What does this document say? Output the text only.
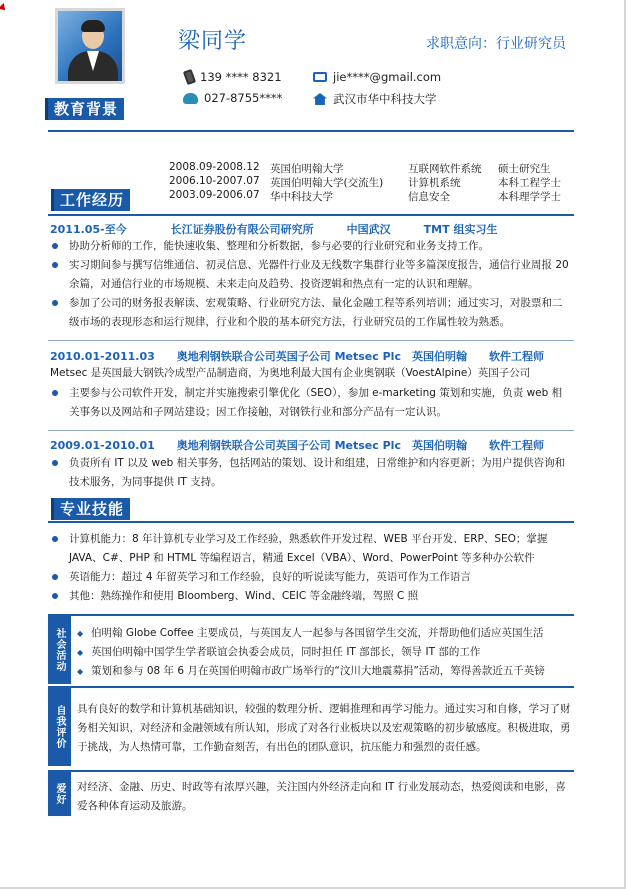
梁同学	求职意向：行业研究员
139 **** 8321
027-8755****
jie****@gmail.com
武汉市华中科技大学
教育背景
2008.09-2008.12 英国伯明翰大学	互联网软件系统	硕士研究生
2006.10-2007.07 英国伯明翰大学(交流生)	计算机系统	本科工程学士
2003.09-2006.07 华中科技大学	信息安全	本科理学学士
工作经历
2011.05-至今　　　　长江证券股份有限公司研究所　　　中国武汉　　　TMT 组实习生
协助分析师的工作，能快速收集、整理和分析数据，参与必要的行业研究和业务支持工作。
实习期间参与撰写信维通信、初灵信息、光器件行业及无线数字集群行业等多篇深度报告，通信行业周报 20 余篇，对通信行业的市场规模、未来走向及趋势、投资逻辑和热点有一定的认识和理解。
参加了公司的财务报表解读、宏观策略、行业研究方法、量化金融工程等系列培训；通过实习，对股票和二级市场的表现形态和运行规律，行业和个股的基本研究方法，行业研究员的工作属性较为熟悉。
2010.01-2011.03　　奥地利钢铁联合公司英国子公司 Metsec Plc　英国伯明翰　　软件工程师
Metsec 是英国最大钢铁冷成型产品制造商，为奥地利最大国有企业奥钢联（VoestAlpine）英国子公司
主要参与公司软件开发，制定并实施搜索引擎优化（SEO），参加 e-marketing 策划和实施，负责 web 相关事务以及网站和子网站建设；因工作接触，对钢铁行业和部分产品有一定认识。
2009.01-2010.01　　奥地利钢铁联合公司英国子公司 Metsec Plc　英国伯明翰　　软件工程师
负责所有 IT 以及 web 相关事务，包括网站的策划、设计和组建，日常维护和内容更新；为用户提供咨询和技术服务，为同事提供 IT 支持。
专业技能
计算机能力：8 年计算机专业学习及工作经验，熟悉软件开发过程、WEB 平台开发、ERP、SEO；掌握 JAVA、C#、PHP 和 HTML 等编程语言，精通 Excel（VBA）、Word、PowerPoint 等多种办公软件
英语能力：超过 4 年留英学习和工作经验，良好的听说读写能力，英语可作为工作语言
其他：熟练操作和使用 Bloomberg、Wind、CEIC 等金融终端，驾照 C 照
社会活动
◆	伯明翰 Globe Coffee 主要成员，与英国友人一起参与各国留学生交流，并帮助他们适应英国生活
◆ 英国伯明翰中国学生学者联谊会执委会成员，同时担任 IT 部部长，领导 IT 部的工作
◆ 策划和参与 08 年 6 月在英国伯明翰市政广场举行的“汶川大地震募捐”活动，筹得善款近五千英镑
自我评价	具有良好的数学和计算机基础知识，较强的数理分析、逻辑推理和再学习能力。通过实习和自修，学习了财务相关知识，对经济和金融领域有所认知，形成了对各行业板块以及宏观策略的初步敏感度。积极进取，勇于挑战，为人热情可靠，工作勤奋刻苦，有出色的团队意识，抗压能力和强烈的责任感。
爱好	对经济、金融、历史、时政等有浓厚兴趣，关注国内外经济走向和 IT 行业发展动态，热爱阅读和电影，喜爱各种体育运动及旅游。
